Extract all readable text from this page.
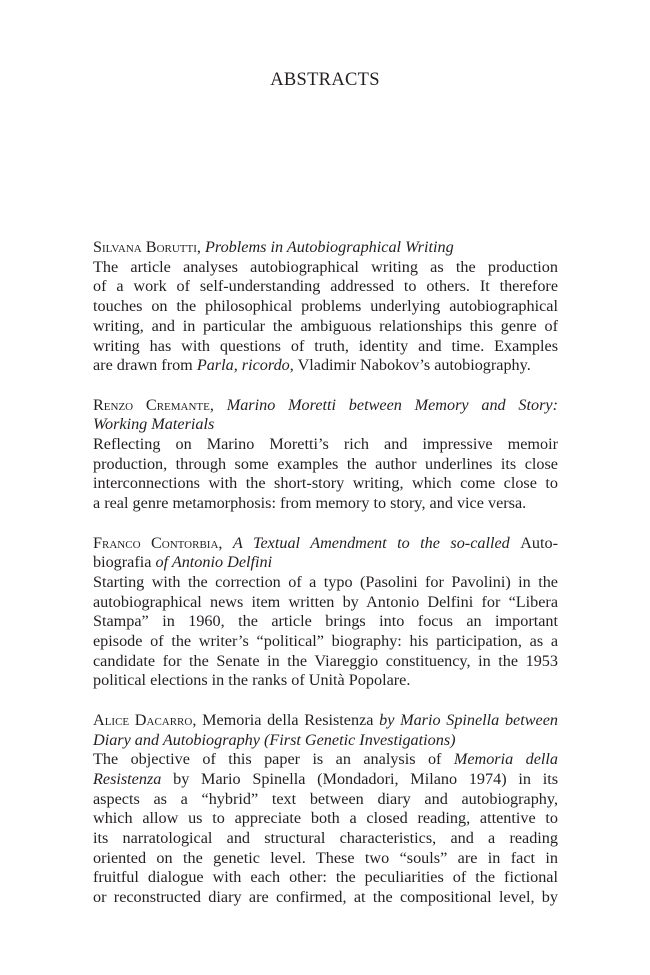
ABSTRACTS
Silvana Borutti, Problems in Autobiographical Writing
The article analyses autobiographical writing as the production
of a work of self-understanding addressed to others. It therefore
touches on the philosophical problems underlying autobiographical
writing, and in particular the ambiguous relationships this genre of
writing has with questions of truth, identity and time. Examples
are drawn from Parla, ricordo, Vladimir Nabokov’s autobiography.
Renzo Cremante, Marino Moretti between Memory and Story:
Working Materials
Reflecting on Marino Moretti’s rich and impressive memoir
production, through some examples the author underlines its close
interconnections with the short-story writing, which come close to
a real genre metamorphosis: from memory to story, and vice versa.
Franco Contorbia, A Textual Amendment to the so-called Auto-
biografia of Antonio Delfini
Starting with the correction of a typo (Pasolini for Pavolini) in the
autobiographical news item written by Antonio Delfini for “Libera
Stampa” in 1960, the article brings into focus an important
episode of the writer’s “political” biography: his participation, as a
candidate for the Senate in the Viareggio constituency, in the 1953
political elections in the ranks of Unità Popolare.
Alice Dacarro, Memoria della Resistenza by Mario Spinella between
Diary and Autobiography (First Genetic Investigations)
The objective of this paper is an analysis of Memoria della
Resistenza by Mario Spinella (Mondadori, Milano 1974) in its
aspects as a “hybrid” text between diary and autobiography,
which allow us to appreciate both a closed reading, attentive to
its narratological and structural characteristics, and a reading
oriented on the genetic level. These two “souls” are in fact in
fruitful dialogue with each other: the peculiarities of the fictional
or reconstructed diary are confirmed, at the compositional level, by
